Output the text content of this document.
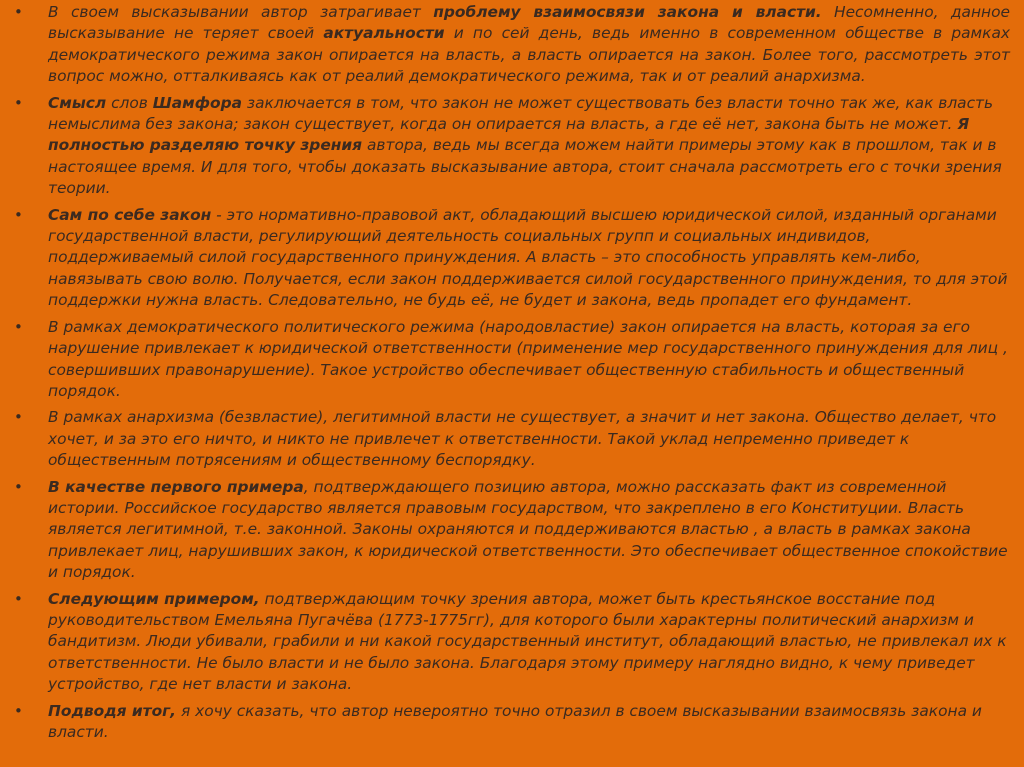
• В своем высказывании автор затрагивает проблему взаимосвязи закона и власти. Несомненно, данное высказывание не теряет своей актуальности и по сей день, ведь именно в современном обществе в рамках демократического режима закон опирается на власть, а власть опирается на закон. Более того, рассмотреть этот вопрос можно, отталкиваясь как от реалий демократического режима, так и от реалий анархизма.
• Смысл слов Шамфора заключается в том, что закон не может существовать без власти точно так же, как власть немыслима без закона; закон существует, когда он опирается на власть, а где её нет, закона быть не может. Я полностью разделяю точку зрения автора, ведь мы всегда можем найти примеры этому как в прошлом, так и в настоящее время. И для того, чтобы доказать высказывание автора, стоит сначала рассмотреть его с точки зрения теории.
• Сам по себе закон - это нормативно-правовой акт, обладающий высшею юридической силой, изданный органами государственной власти, регулирующий деятельность социальных групп и социальных индивидов, поддерживаемый силой государственного принуждения. А власть – это способность управлять кем-либо, навязывать свою волю. Получается, если закон поддерживается силой государственного принуждения, то для этой поддержки нужна власть. Следовательно, не будь её, не будет и закона, ведь пропадет его фундамент.
• В рамках демократического политического режима (народовластие) закон опирается на власть, которая за его нарушение привлекает к юридической ответственности (применение мер государственного принуждения для лиц , совершивших правонарушение). Такое устройство обеспечивает общественную стабильность и общественный порядок.
• В рамках анархизма (безвластие), легитимной власти не существует, а значит и нет закона. Общество делает, что хочет, и за это его ничто, и никто не привлечет к ответственности. Такой уклад непременно приведет к общественным потрясениям и общественному беспорядку.
• В качестве первого примера, подтверждающего позицию автора, можно рассказать факт из современной истории. Российское государство является правовым государством, что закреплено в его Конституции. Власть является легитимной, т.е. законной. Законы охраняются и поддерживаются властью , а власть в рамках закона привлекает лиц, нарушивших закон, к юридической ответственности. Это обеспечивает общественное спокойствие и порядок.
• Следующим примером, подтверждающим точку зрения автора, может быть крестьянское восстание под руководительством Емельяна Пугачёва (1773-1775гг), для которого были характерны политический анархизм и бандитизм. Люди убивали, грабили и ни какой государственный институт, обладающий властью, не привлекал их к ответственности. Не было власти и не было закона. Благодаря этому примеру наглядно видно, к чему приведет устройство, где нет власти и закона.
• Подводя итог, я хочу сказать, что автор невероятно точно отразил в своем высказывании взаимосвязь закона и власти.
